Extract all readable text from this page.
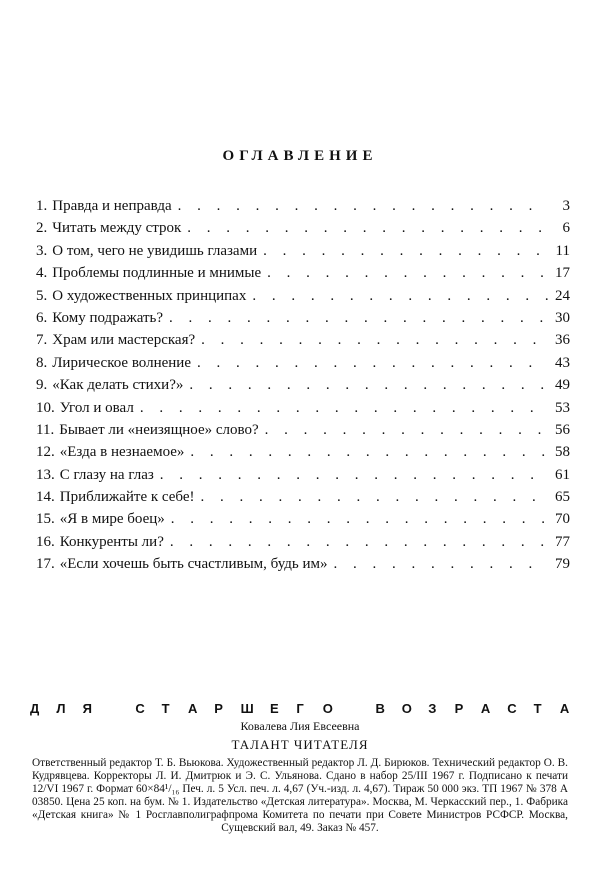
ОГЛАВЛЕНИЕ
1. Правда и неправда . . .	3
2. Читать между строк . . .	6
3. О том, чего не увидишь глазами . . .	11
4. Проблемы подлинные и мнимые . . .	17
5. О художественных принципах . . .	24
6. Кому подражать? . . .	30
7. Храм или мастерская? . . .	36
8. Лирическое волнение . . .	43
9. «Как делать стихи?» . . .	49
10. Угол и овал . . .	53
11. Бывает ли «неизящное» слово? . . .	56
12. «Езда в незнаемое» . . .	58
13. С глазу на глаз . . .	61
14. Приближайте к себе! . . .	65
15. «Я в мире боец» . . .	70
16. Конкуренты ли? . . .	77
17. «Если хочешь быть счастливым, будь им» . . .	79
Д Л Я	С Т А Р Ш Е Г О	В О З Р А С Т А
Ковалева Лия Евсеевна
ТАЛАНТ ЧИТАТЕЛЯ
Ответственный редактор Т. Б. Вьюкова. Художественный редактор Л. Д. Бирюков. Технический редактор О. В. Кудрявцева. Корректоры Л. И. Дмитрюк и Э. С. Ульянова. Сдано в набор 25/III 1967 г. Подписано к печати 12/VI 1967 г. Формат 60×84¹/₁₆ Печ. л. 5 Усл. печ. л. 4,67 (Уч.-изд. л. 4,67). Тираж 50 000 экз. ТП 1967 № 378 А 03850. Цена 25 коп. на бум. № 1. Издательство «Детская литература». Москва, М. Черкасский пер., 1. Фабрика «Детская книга» № 1 Росглавполиграфпрома Комитета по печати при Совете Министров РСФСР. Москва, Сущевский вал, 49. Заказ № 457.
